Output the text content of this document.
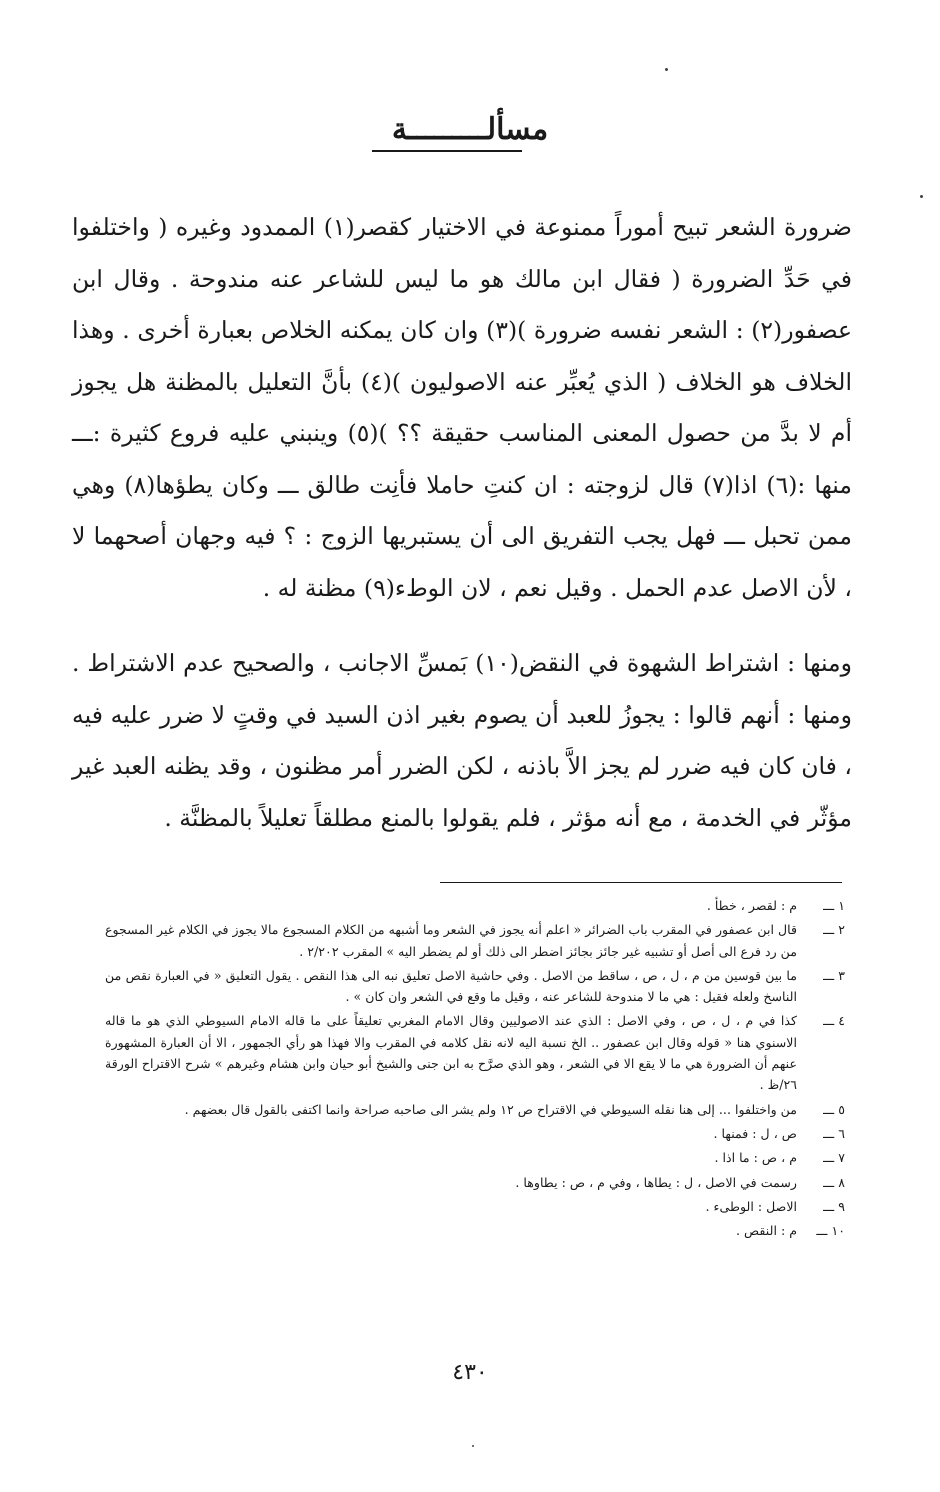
مسألـــــــــة
ضرورة الشعر تبيح أموراً ممنوعة في الاختيار كقصر(١) الممدود وغيره ( واختلفوا في حَدِّ الضرورة ( فقال ابن مالك هو ما ليس للشاعر عنه مندوحة . وقال ابن عصفور(٢) : الشعر نفسه ضرورة )(٣) وان كان يمكنه الخلاص بعبارة أخرى . وهذا الخلاف هو الخلاف ( الذي يُعبِّر عنه الاصوليون )(٤) بأنَّ التعليل بالمظنة هل يجوز أم لا بدَّ من حصول المعنى المناسب حقيقة ؟؟ )(٥) وينبني عليه فروع كثيرة :ـــ منها :(٦) اذا(٧) قال لزوجته : ان كنتِ حاملا فأنِت طالق ـــ وكان يطؤها(٨) وهي ممن تحبل ـــ فهل يجب التفريق الى أن يستبريها الزوج : ؟ فيه وجهان أصحهما لا ، لأن الاصل عدم الحمل . وقيل نعم ، لان الوطء(٩) مظنة له .
ومنها : اشتراط الشهوة في النقض(١٠) بَمسِّ الاجانب ، والصحيح عدم الاشتراط . ومنها : أنهم قالوا : يجوزُ للعبد أن يصوم بغير اذن السيد في وقتٍ لا ضرر عليه فيه ، فان كان فيه ضرر لم يجز الاَّ باذنه ، لكن الضرر أمر مظنون ، وقد يظنه العبد غير مؤثّر في الخدمة ، مع أنه مؤثر ، فلم يقولوا بالمنع مطلقاً تعليلاً بالمظنَّة .
١ ـــ
م : لقصر ، خطأ .
٢ ـــ
قال ابن عصفور في المقرب باب الضرائر « اعلم أنه يجوز في الشعر وما أشبهه من الكلام المسجوع مالا يجوز في الكلام غير المسجوع من رد فرع الى أصل أو تشبيه غير جائز بجائز اضطر الى ذلك أو لم يضطر اليه » المقرب ٢/٢٠٢ .
٣ ـــ
ما بين قوسين من م ، ل ، ص ، ساقط من الاصل . وفي حاشية الاصل تعليق نبه الى هذا النقص . يقول التعليق « في العبارة نقص من الناسخ ولعله فقيل : هي ما لا مندوحة للشاعر عنه ، وقيل ما وقع في الشعر وان كان » .
٤ ـــ
كذا في م ، ل ، ص ، وفي الاصل : الذي عند الاصوليين وقال الامام المغربي تعليقاً على ما قاله الامام السيوطي الذي هو ما قاله الاسنوي هنا « قوله وقال ابن عصفور .. الخ نسبة اليه لانه نقل كلامه في المقرب والا فهذا هو رأي الجمهور ، الا أن العبارة المشهورة عنهم أن الضرورة هي ما لا يقع الا في الشعر ، وهو الذي صرَّح به ابن جنى والشيخ أبو حيان وابن هشام وغيرهم » شرح الاقتراح الورقة ٢٦/ظ .
٥ ـــ
من واختلفوا ... إلى هنا نقله السيوطي في الاقتراح ص ١٢ ولم يشر الى صاحبه صراحة وانما اكتفى بالقول قال بعضهم .
٦ ـــ
ص ، ل : فمنها .
٧ ـــ
م ، ص : ما اذا .
٨ ـــ
رسمت في الاصل ، ل : يطاها ، وفي م ، ص : يطاوها .
٩ ـــ
الاصل : الوطىء .
١٠ ـــ
م : النقص .
٤٣٠
